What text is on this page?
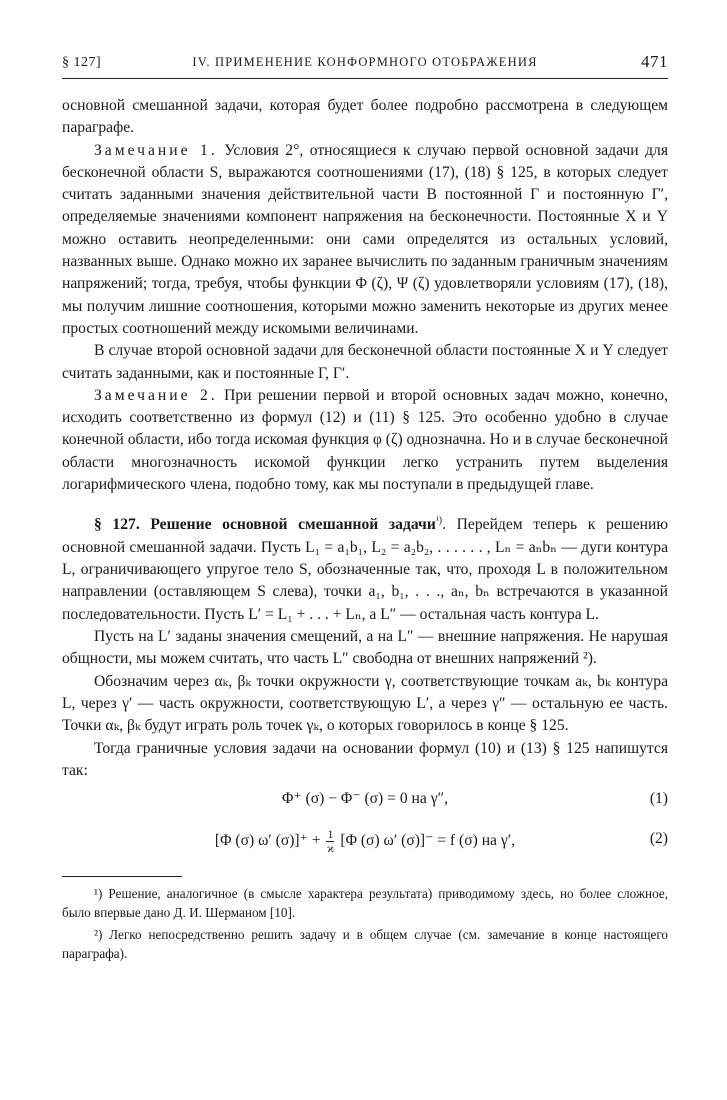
§ 127]	IV. ПРИМЕНЕНИЕ КОНФОРМНОГО ОТОБРАЖЕНИЯ	471

основной смешанной задачи, которая будет более подробно рассмотрена в следующем параграфе.

Замечание 1. Условия 2°, относящиеся к случаю первой основной задачи для бесконечной области S, выражаются соотношениями (17), (18) § 125, в которых следует считать заданными значения действительной части B постоянной Γ и постоянную Γ′, определяемые значениями компонент напряжения на бесконечности. Постоянные X и Y можно оставить неопределенными: они сами определятся из остальных условий, названных выше. Однако можно их заранее вычислить по заданным граничным значениям напряжений; тогда, требуя, чтобы функции Φ (ζ), Ψ (ζ) удовлетворяли условиям (17), (18), мы получим лишние соотношения, которыми можно заменить некоторые из других менее простых соотношений между искомыми величинами.

В случае второй основной задачи для бесконечной области постоянные X и Y следует считать заданными, как и постоянные Γ, Γ′.

Замечание 2. При решении первой и второй основных задач можно, конечно, исходить соответственно из формул (12) и (11) § 125. Это особенно удобно в случае конечной области, ибо тогда искомая функция φ (ζ) однозначна. Но и в случае бесконечной области многозначность искомой функции легко устранить путем выделения логарифмического члена, подобно тому, как мы поступали в предыдущей главе.

§ 127. Решение основной смешанной задачи$^{^1)}$. Перейдем теперь к решению основной смешанной задачи. Пусть L₁ = a₁b₁, L₂ = a₂b₂, . . . . . . , Lₙ = aₙbₙ — дуги контура L, ограничивающего упругое тело S, обозначенные так, что, проходя L в положительном направлении (оставляющем S слева), точки a₁, b₁, . . ., aₙ, bₙ встречаются в указанной последовательности. Пусть L′ = L₁ + . . . + Lₙ, а L″ — остальная часть контура L.

Пусть на L′ заданы значения смещений, а на L″ — внешние напряжения. Не нарушая общности, мы можем считать, что часть L″ свободна от внешних напряжений ²).

Обозначим через αₖ, βₖ точки окружности γ, соответствующие точкам aₖ, bₖ контура L, через γ′ — часть окружности, соответствующую L′, а через γ″ — остальную ее часть. Точки αₖ, βₖ будут играть роль точек γₖ, о которых говорилось в конце § 125.

Тогда граничные условия задачи на основании формул (10) и (13) § 125 напишутся так:

Φ⁺ (σ) − Φ⁻ (σ) = 0 на γ″,	(1)
[Φ (σ) ω′ $(\sigma)]^+ + \frac{1}{ϰ} [\Phi$ (σ) ω′ (σ)]⁻ = f (σ) на γ′,	(2)

¹) Решение, аналогичное (в смысле характера результата) приводимому здесь, но более сложное, было впервые дано Д. И. Шерманом [10].

²) Легко непосредственно решить задачу и в общем случае (см. замечание в конце настоящего параграфа).
